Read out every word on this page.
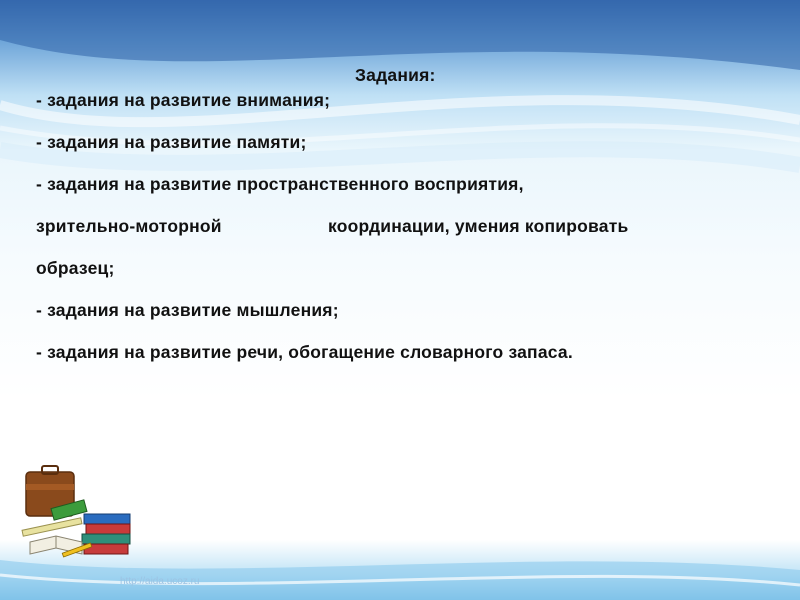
Задания:

- задания на развитие внимания;

- задания на развитие памяти;

- задания на развитие пространственного восприятия,

зрительно-моторной	координации, умения копировать

образец;

- задания на развитие мышления;

- задания на развитие речи, обогащение словарного запаса.

http://aida.ucoz.ru
